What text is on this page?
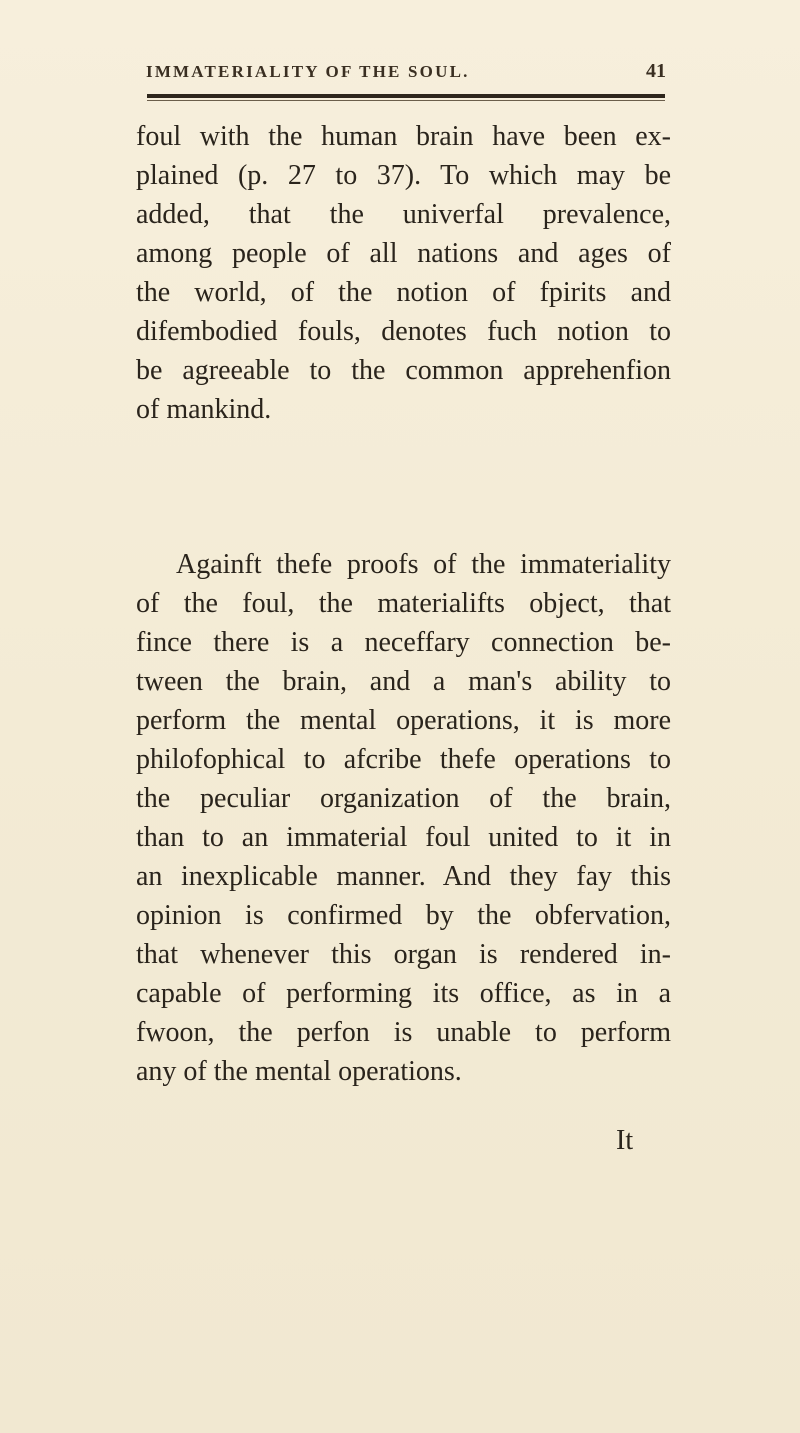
IMMATERIALITY OF THE SOUL.	41
foul with the human brain have been ex-
plained (p. 27 to 37). To which may be
added, that the univerfal prevalence,
among people of all nations and ages of
the world, of the notion of fpirits and
difembodied fouls, denotes fuch notion to
be agreeable to the common apprehenfion
of mankind.
Againft thefe proofs of the immateriality
of the foul, the materialifts object, that
fince there is a neceffary connection be-
tween the brain, and a man's ability to
perform the mental operations, it is more
philofophical to afcribe thefe operations to
the peculiar organization of the brain,
than to an immaterial foul united to it in
an inexplicable manner. And they fay this
opinion is confirmed by the obfervation,
that whenever this organ is rendered in-
capable of performing its office, as in a
fwoon, the perfon is unable to perform
any of the mental operations.
It
